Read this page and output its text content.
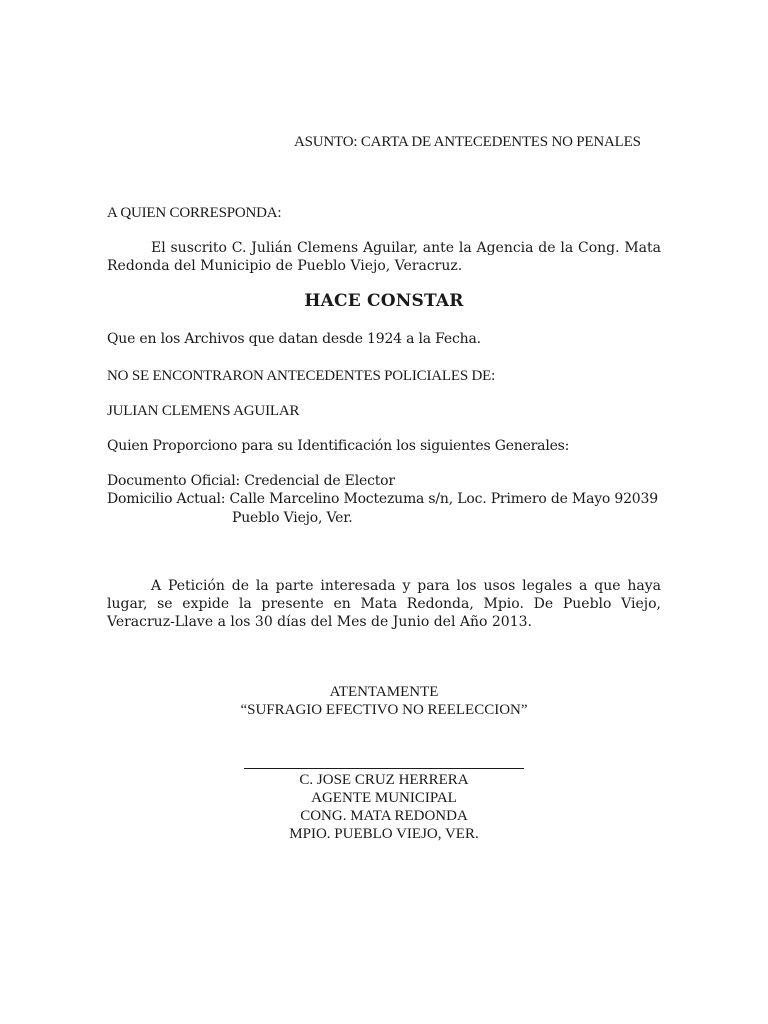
ASUNTO: CARTA DE ANTECEDENTES NO PENALES
A QUIEN CORRESPONDA:
El suscrito C. Julián Clemens Aguilar, ante la Agencia de la Cong. Mata Redonda del Municipio de Pueblo Viejo, Veracruz.
HACE CONSTAR
Que en los Archivos que datan desde 1924 a la Fecha.
NO SE ENCONTRARON ANTECEDENTES POLICIALES DE:
JULIAN CLEMENS AGUILAR
Quien Proporciono para su Identificación los siguientes Generales:
Documento Oficial: Credencial de Elector
Domicilio Actual: Calle Marcelino Moctezuma s/n, Loc. Primero de Mayo 92039
Pueblo Viejo, Ver.
A Petición de la parte interesada y para los usos legales a que haya lugar, se expide la presente en Mata Redonda, Mpio. De Pueblo Viejo, Veracruz-Llave a los 30 días del Mes de Junio del Año 2013.
ATENTAMENTE
“SUFRAGIO EFECTIVO NO REELECCION”
C. JOSE CRUZ HERRERA
AGENTE MUNICIPAL
CONG. MATA REDONDA
MPIO. PUEBLO VIEJO, VER.
